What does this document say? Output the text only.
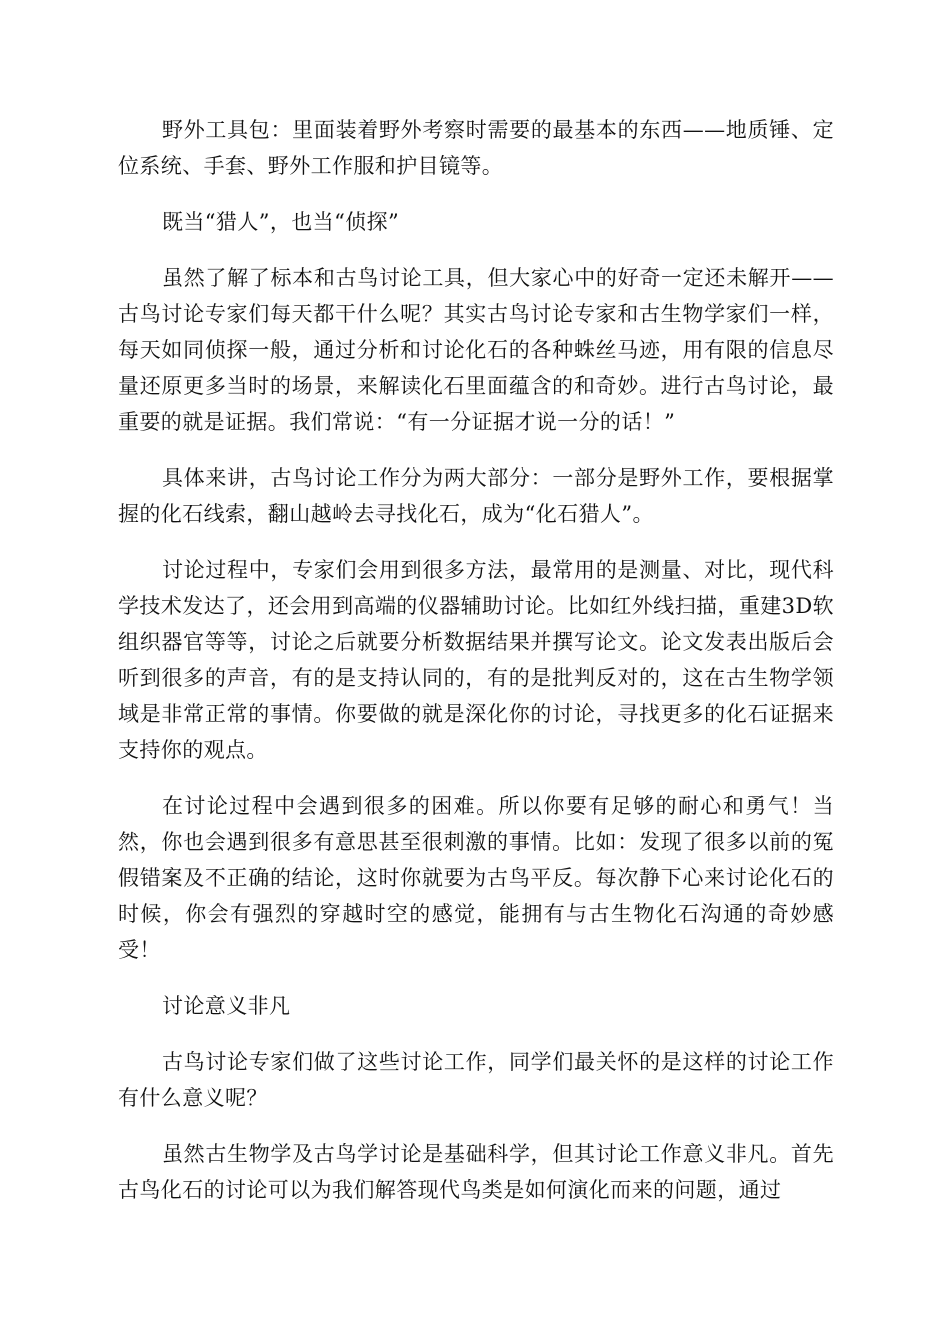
野外工具包：里面装着野外考察时需要的最基本的东西——地质锤、定位系统、手套、野外工作服和护目镜等。

既当“猎人”，也当“侦探”

虽然了解了标本和古鸟讨论工具，但大家心中的好奇一定还未解开——古鸟讨论专家们每天都干什么呢？其实古鸟讨论专家和古生物学家们一样，每天如同侦探一般，通过分析和讨论化石的各种蛛丝马迹，用有限的信息尽量还原更多当时的场景，来解读化石里面蕴含的和奇妙。进行古鸟讨论，最重要的就是证据。我们常说：“有一分证据才说一分的话！”

具体来讲，古鸟讨论工作分为两大部分：一部分是野外工作，要根据掌握的化石线索，翻山越岭去寻找化石，成为“化石猎人”。

讨论过程中，专家们会用到很多方法，最常用的是测量、对比，现代科学技术发达了，还会用到高端的仪器辅助讨论。比如红外线扫描，重建3D软组织器官等等，讨论之后就要分析数据结果并撰写论文。论文发表出版后会听到很多的声音，有的是支持认同的，有的是批判反对的，这在古生物学领域是非常正常的事情。你要做的就是深化你的讨论，寻找更多的化石证据来支持你的观点。

在讨论过程中会遇到很多的困难。所以你要有足够的耐心和勇气！当然，你也会遇到很多有意思甚至很刺激的事情。比如：发现了很多以前的冤假错案及不正确的结论，这时你就要为古鸟平反。每次静下心来讨论化石的时候，你会有强烈的穿越时空的感觉，能拥有与古生物化石沟通的奇妙感受！

讨论意义非凡

古鸟讨论专家们做了这些讨论工作，同学们最关怀的是这样的讨论工作有什么意义呢？

虽然古生物学及古鸟学讨论是基础科学，但其讨论工作意义非凡。首先古鸟化石的讨论可以为我们解答现代鸟类是如何演化而来的问题，通过
